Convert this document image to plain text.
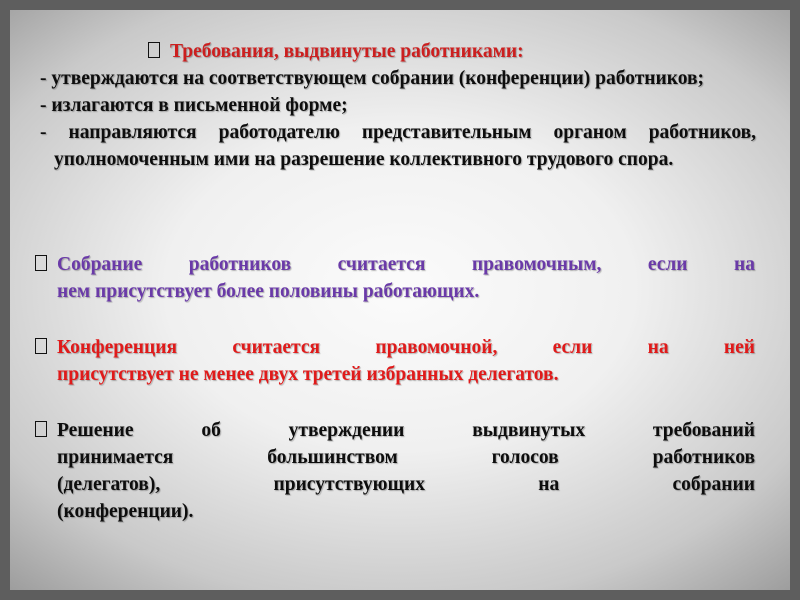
Требования, выдвинутые работниками:
- утверждаются на соответствующем собрании (конференции) работников;
- излагаются в письменной форме;
- направляются работодателю представительным органом работников, уполномоченным ими на разрешение коллективного трудового спора.
Собрание работников считается правомочным, если на
нем присутствует более половины работающих.
Конференция считается правомочной, если на ней
присутствует не менее двух третей избранных делегатов.
Решение об утверждении выдвинутых требований
принимается большинством голосов работников
(делегатов), присутствующих на собрании
(конференции).
